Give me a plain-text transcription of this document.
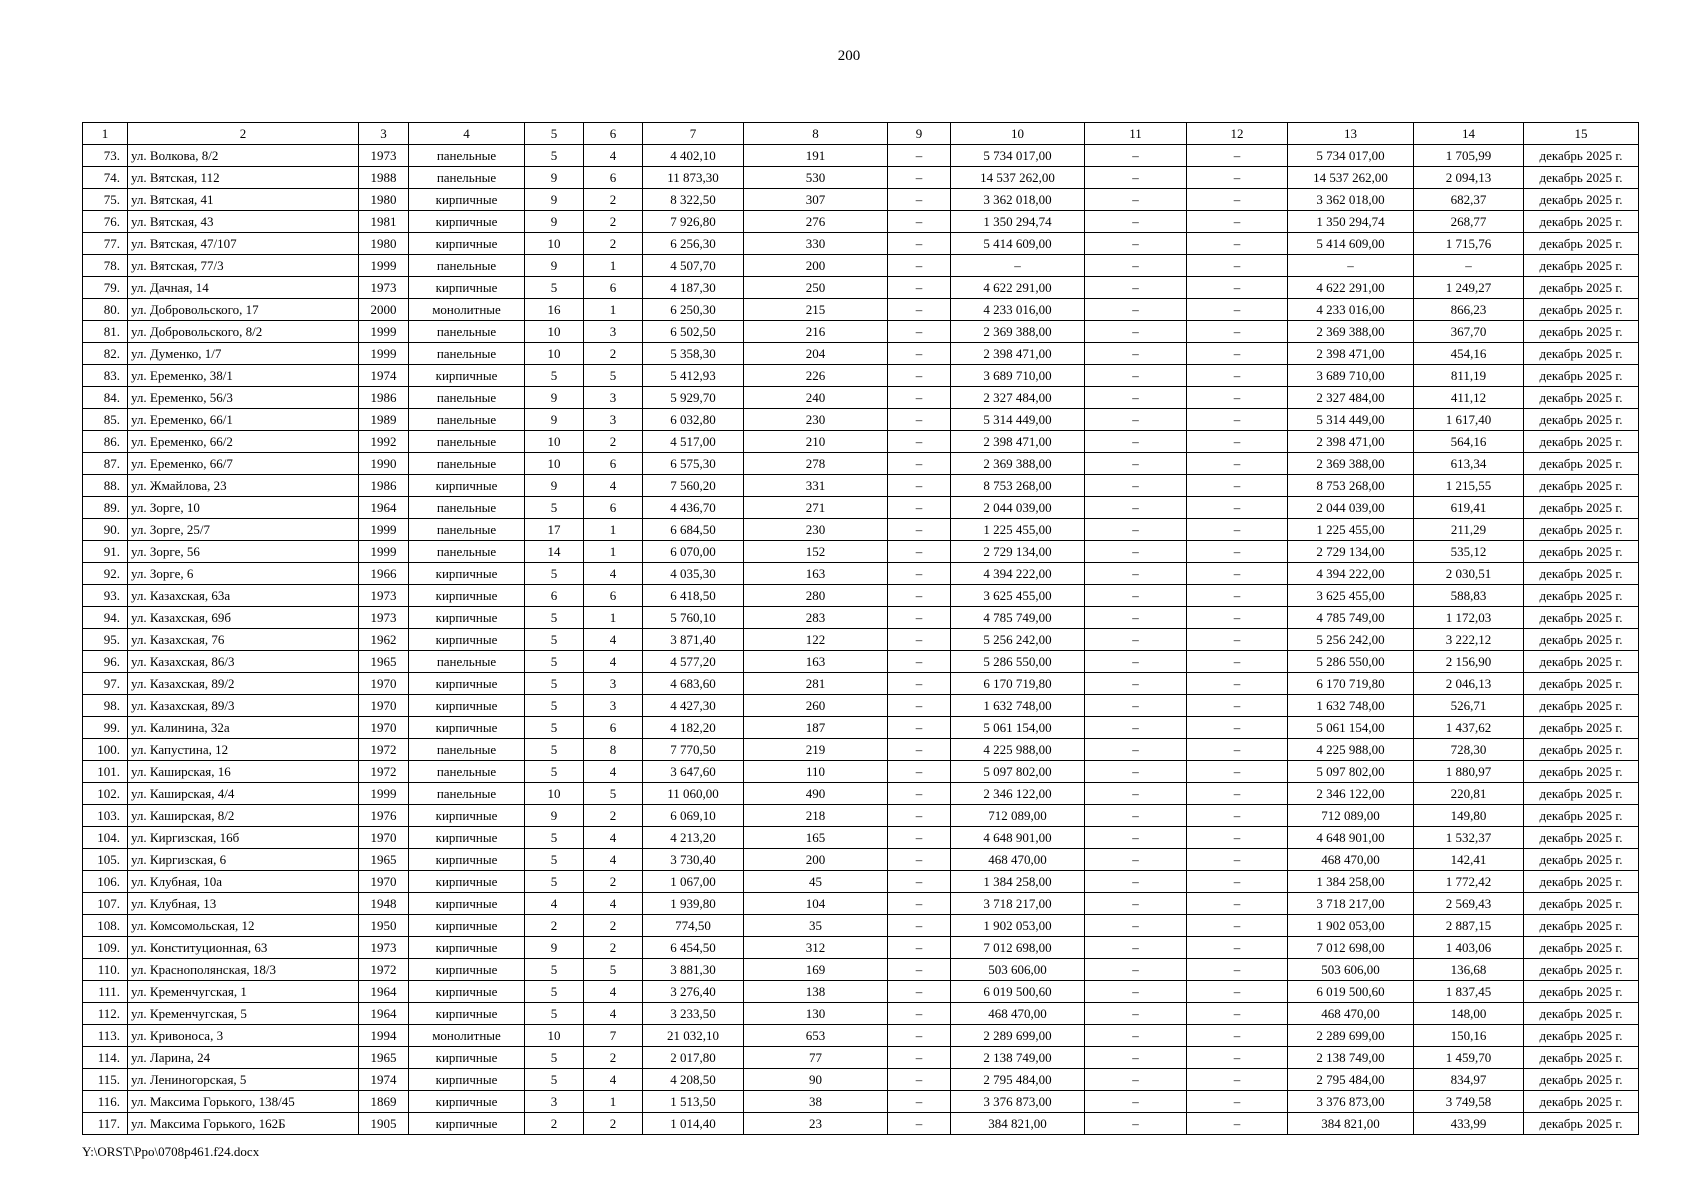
200
1	2	3	4	5	6	7	8	9	10	11	12	13	14	15
73.	ул. Волкова, 8/2	1973	панельные	5	4	4 402,10	191	–	5 734 017,00	–	–	5 734 017,00	1 705,99	декабрь 2025 г.
74.	ул. Вятская, 112	1988	панельные	9	6	11 873,30	530	–	14 537 262,00	–	–	14 537 262,00	2 094,13	декабрь 2025 г.
75.	ул. Вятская, 41	1980	кирпичные	9	2	8 322,50	307	–	3 362 018,00	–	–	3 362 018,00	682,37	декабрь 2025 г.
76.	ул. Вятская, 43	1981	кирпичные	9	2	7 926,80	276	–	1 350 294,74	–	–	1 350 294,74	268,77	декабрь 2025 г.
77.	ул. Вятская, 47/107	1980	кирпичные	10	2	6 256,30	330	–	5 414 609,00	–	–	5 414 609,00	1 715,76	декабрь 2025 г.
78.	ул. Вятская, 77/3	1999	панельные	9	1	4 507,70	200	–	–	–	–	–	–	декабрь 2025 г.
79.	ул. Дачная, 14	1973	кирпичные	5	6	4 187,30	250	–	4 622 291,00	–	–	4 622 291,00	1 249,27	декабрь 2025 г.
80.	ул. Добровольского, 17	2000	монолитные	16	1	6 250,30	215	–	4 233 016,00	–	–	4 233 016,00	866,23	декабрь 2025 г.
81.	ул. Добровольского, 8/2	1999	панельные	10	3	6 502,50	216	–	2 369 388,00	–	–	2 369 388,00	367,70	декабрь 2025 г.
82.	ул. Думенко, 1/7	1999	панельные	10	2	5 358,30	204	–	2 398 471,00	–	–	2 398 471,00	454,16	декабрь 2025 г.
83.	ул. Еременко, 38/1	1974	кирпичные	5	5	5 412,93	226	–	3 689 710,00	–	–	3 689 710,00	811,19	декабрь 2025 г.
84.	ул. Еременко, 56/3	1986	панельные	9	3	5 929,70	240	–	2 327 484,00	–	–	2 327 484,00	411,12	декабрь 2025 г.
85.	ул. Еременко, 66/1	1989	панельные	9	3	6 032,80	230	–	5 314 449,00	–	–	5 314 449,00	1 617,40	декабрь 2025 г.
86.	ул. Еременко, 66/2	1992	панельные	10	2	4 517,00	210	–	2 398 471,00	–	–	2 398 471,00	564,16	декабрь 2025 г.
87.	ул. Еременко, 66/7	1990	панельные	10	6	6 575,30	278	–	2 369 388,00	–	–	2 369 388,00	613,34	декабрь 2025 г.
88.	ул. Жмайлова, 23	1986	кирпичные	9	4	7 560,20	331	–	8 753 268,00	–	–	8 753 268,00	1 215,55	декабрь 2025 г.
89.	ул. Зорге, 10	1964	панельные	5	6	4 436,70	271	–	2 044 039,00	–	–	2 044 039,00	619,41	декабрь 2025 г.
90.	ул. Зорге, 25/7	1999	панельные	17	1	6 684,50	230	–	1 225 455,00	–	–	1 225 455,00	211,29	декабрь 2025 г.
91.	ул. Зорге, 56	1999	панельные	14	1	6 070,00	152	–	2 729 134,00	–	–	2 729 134,00	535,12	декабрь 2025 г.
92.	ул. Зорге, 6	1966	кирпичные	5	4	4 035,30	163	–	4 394 222,00	–	–	4 394 222,00	2 030,51	декабрь 2025 г.
93.	ул. Казахская, 63а	1973	кирпичные	6	6	6 418,50	280	–	3 625 455,00	–	–	3 625 455,00	588,83	декабрь 2025 г.
94.	ул. Казахская, 69б	1973	кирпичные	5	1	5 760,10	283	–	4 785 749,00	–	–	4 785 749,00	1 172,03	декабрь 2025 г.
95.	ул. Казахская, 76	1962	кирпичные	5	4	3 871,40	122	–	5 256 242,00	–	–	5 256 242,00	3 222,12	декабрь 2025 г.
96.	ул. Казахская, 86/3	1965	панельные	5	4	4 577,20	163	–	5 286 550,00	–	–	5 286 550,00	2 156,90	декабрь 2025 г.
97.	ул. Казахская, 89/2	1970	кирпичные	5	3	4 683,60	281	–	6 170 719,80	–	–	6 170 719,80	2 046,13	декабрь 2025 г.
98.	ул. Казахская, 89/3	1970	кирпичные	5	3	4 427,30	260	–	1 632 748,00	–	–	1 632 748,00	526,71	декабрь 2025 г.
99.	ул. Калинина, 32а	1970	кирпичные	5	6	4 182,20	187	–	5 061 154,00	–	–	5 061 154,00	1 437,62	декабрь 2025 г.
100.	ул. Капустина, 12	1972	панельные	5	8	7 770,50	219	–	4 225 988,00	–	–	4 225 988,00	728,30	декабрь 2025 г.
101.	ул. Каширская, 16	1972	панельные	5	4	3 647,60	110	–	5 097 802,00	–	–	5 097 802,00	1 880,97	декабрь 2025 г.
102.	ул. Каширская, 4/4	1999	панельные	10	5	11 060,00	490	–	2 346 122,00	–	–	2 346 122,00	220,81	декабрь 2025 г.
103.	ул. Каширская, 8/2	1976	кирпичные	9	2	6 069,10	218	–	712 089,00	–	–	712 089,00	149,80	декабрь 2025 г.
104.	ул. Киргизская, 16б	1970	кирпичные	5	4	4 213,20	165	–	4 648 901,00	–	–	4 648 901,00	1 532,37	декабрь 2025 г.
105.	ул. Киргизская, 6	1965	кирпичные	5	4	3 730,40	200	–	468 470,00	–	–	468 470,00	142,41	декабрь 2025 г.
106.	ул. Клубная, 10а	1970	кирпичные	5	2	1 067,00	45	–	1 384 258,00	–	–	1 384 258,00	1 772,42	декабрь 2025 г.
107.	ул. Клубная, 13	1948	кирпичные	4	4	1 939,80	104	–	3 718 217,00	–	–	3 718 217,00	2 569,43	декабрь 2025 г.
108.	ул. Комсомольская, 12	1950	кирпичные	2	2	774,50	35	–	1 902 053,00	–	–	1 902 053,00	2 887,15	декабрь 2025 г.
109.	ул. Конституционная, 63	1973	кирпичные	9	2	6 454,50	312	–	7 012 698,00	–	–	7 012 698,00	1 403,06	декабрь 2025 г.
110.	ул. Краснополянская, 18/3	1972	кирпичные	5	5	3 881,30	169	–	503 606,00	–	–	503 606,00	136,68	декабрь 2025 г.
111.	ул. Кременчугская, 1	1964	кирпичные	5	4	3 276,40	138	–	6 019 500,60	–	–	6 019 500,60	1 837,45	декабрь 2025 г.
112.	ул. Кременчугская, 5	1964	кирпичные	5	4	3 233,50	130	–	468 470,00	–	–	468 470,00	148,00	декабрь 2025 г.
113.	ул. Кривоноса, 3	1994	монолитные	10	7	21 032,10	653	–	2 289 699,00	–	–	2 289 699,00	150,16	декабрь 2025 г.
114.	ул. Ларина, 24	1965	кирпичные	5	2	2 017,80	77	–	2 138 749,00	–	–	2 138 749,00	1 459,70	декабрь 2025 г.
115.	ул. Лениногорская, 5	1974	кирпичные	5	4	4 208,50	90	–	2 795 484,00	–	–	2 795 484,00	834,97	декабрь 2025 г.
116.	ул. Максима Горького, 138/45	1869	кирпичные	3	1	1 513,50	38	–	3 376 873,00	–	–	3 376 873,00	3 749,58	декабрь 2025 г.
117.	ул. Максима Горького, 162Б	1905	кирпичные	2	2	1 014,40	23	–	384 821,00	–	–	384 821,00	433,99	декабрь 2025 г.
Y:\ORST\Ppo\0708p461.f24.docx
